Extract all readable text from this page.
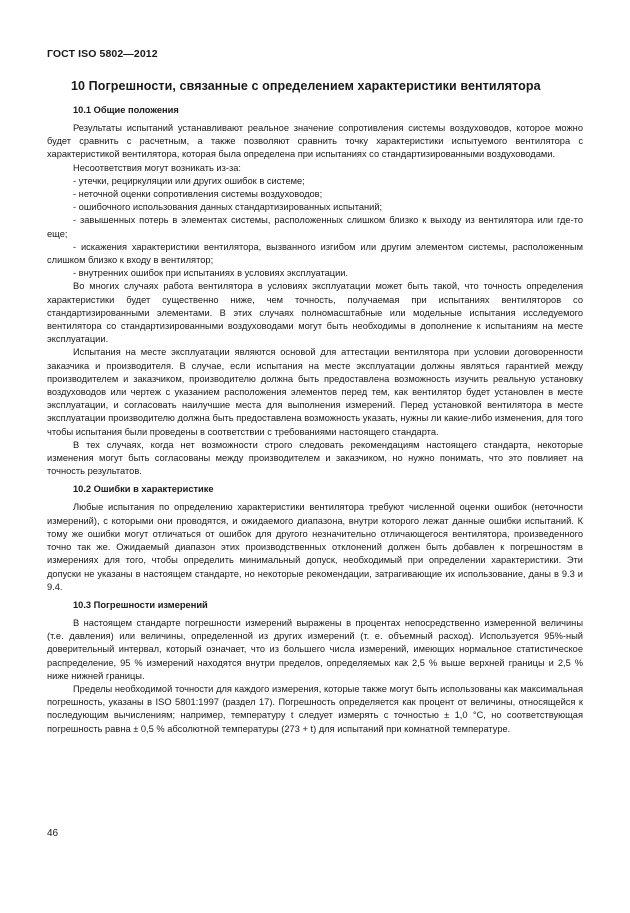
ГОСТ ISO 5802—2012
10 Погрешности, связанные с определением характеристики вентилятора
10.1 Общие положения

Результаты испытаний устанавливают реальное значение сопротивления системы воздуховодов, которое можно будет сравнить с расчетным, а также позволяют сравнить точку характеристики испытуемого вентилятора с характеристикой вентилятора, которая была определена при испытаниях со стандартизированными воздуховодами.

Несоответствия могут возникать из-за:

- утечки, рециркуляции или других ошибок в системе;

- неточной оценки сопротивления системы воздуховодов;

- ошибочного использования данных стандартизированных испытаний;

- завышенных потерь в элементах системы, расположенных слишком близко к выходу из вентилятора или где-то еще;

- искажения характеристики вентилятора, вызванного изгибом или другим элементом системы, расположенным слишком близко к входу в вентилятор;

- внутренних ошибок при испытаниях в условиях эксплуатации.

Во многих случаях работа вентилятора в условиях эксплуатации может быть такой, что точность определения характеристики будет существенно ниже, чем точность, получаемая при испытаниях вентиляторов со стандартизированными элементами. В этих случаях полномасштабные или модельные испытания исследуемого вентилятора со стандартизированными воздуховодами могут быть необходимы в дополнение к испытаниям на месте эксплуатации.

Испытания на месте эксплуатации являются основой для аттестации вентилятора при условии договоренности заказчика и производителя. В случае, если испытания на месте эксплуатации должны являться гарантией между производителем и заказчиком, производителю должна быть предоставлена возможность изучить реальную установку воздуховодов или чертеж с указанием расположения элементов перед тем, как вентилятор будет установлен в месте эксплуатации, и согласовать наилучшие места для выполнения измерений. Перед установкой вентилятора в месте эксплуатации производителю должна быть предоставлена возможность указать, нужны ли какие-либо изменения, для того чтобы испытания были проведены в соответствии с требованиями настоящего стандарта.

В тех случаях, когда нет возможности строго следовать рекомендациям настоящего стандарта, некоторые изменения могут быть согласованы между производителем и заказчиком, но нужно понимать, что это повлияет на точность результатов.

10.2 Ошибки в характеристике

Любые испытания по определению характеристики вентилятора требуют численной оценки ошибок (неточности измерений), с которыми они проводятся, и ожидаемого диапазона, внутри которого лежат данные ошибки испытаний. К тому же ошибки могут отличаться от ошибок для другого незначительно отличающегося вентилятора, произведенного точно так же. Ожидаемый диапазон этих производственных отклонений должен быть добавлен к погрешностям в измерениях для того, чтобы определить минимальный допуск, необходимый при определении характеристики. Эти допуски не указаны в настоящем стандарте, но некоторые рекомендации, затрагивающие их использование, даны в 9.3 и 9.4.

10.3 Погрешности измерений

В настоящем стандарте погрешности измерений выражены в процентах непосредственно измеренной величины (т.е. давления) или величины, определенной из других измерений (т. е. объемный расход). Используется 95%-ный доверительный интервал, который означает, что из большего числа измерений, имеющих нормальное статистическое распределение, 95 % измерений находятся внутри пределов, определяемых как 2,5 % выше верхней границы и 2,5 % ниже нижней границы.

Пределы необходимой точности для каждого измерения, которые также могут быть использованы как максимальная погрешность, указаны в ISO 5801:1997 (раздел 17). Погрешность определяется как процент от величины, относящейся к последующим вычислениям; например, температуру t следует измерять с точностью ± 1,0 °С, но соответствующая погрешность равна ± 0,5 % абсолютной температуры (273 + t) для испытаний при комнатной температуре.

46
